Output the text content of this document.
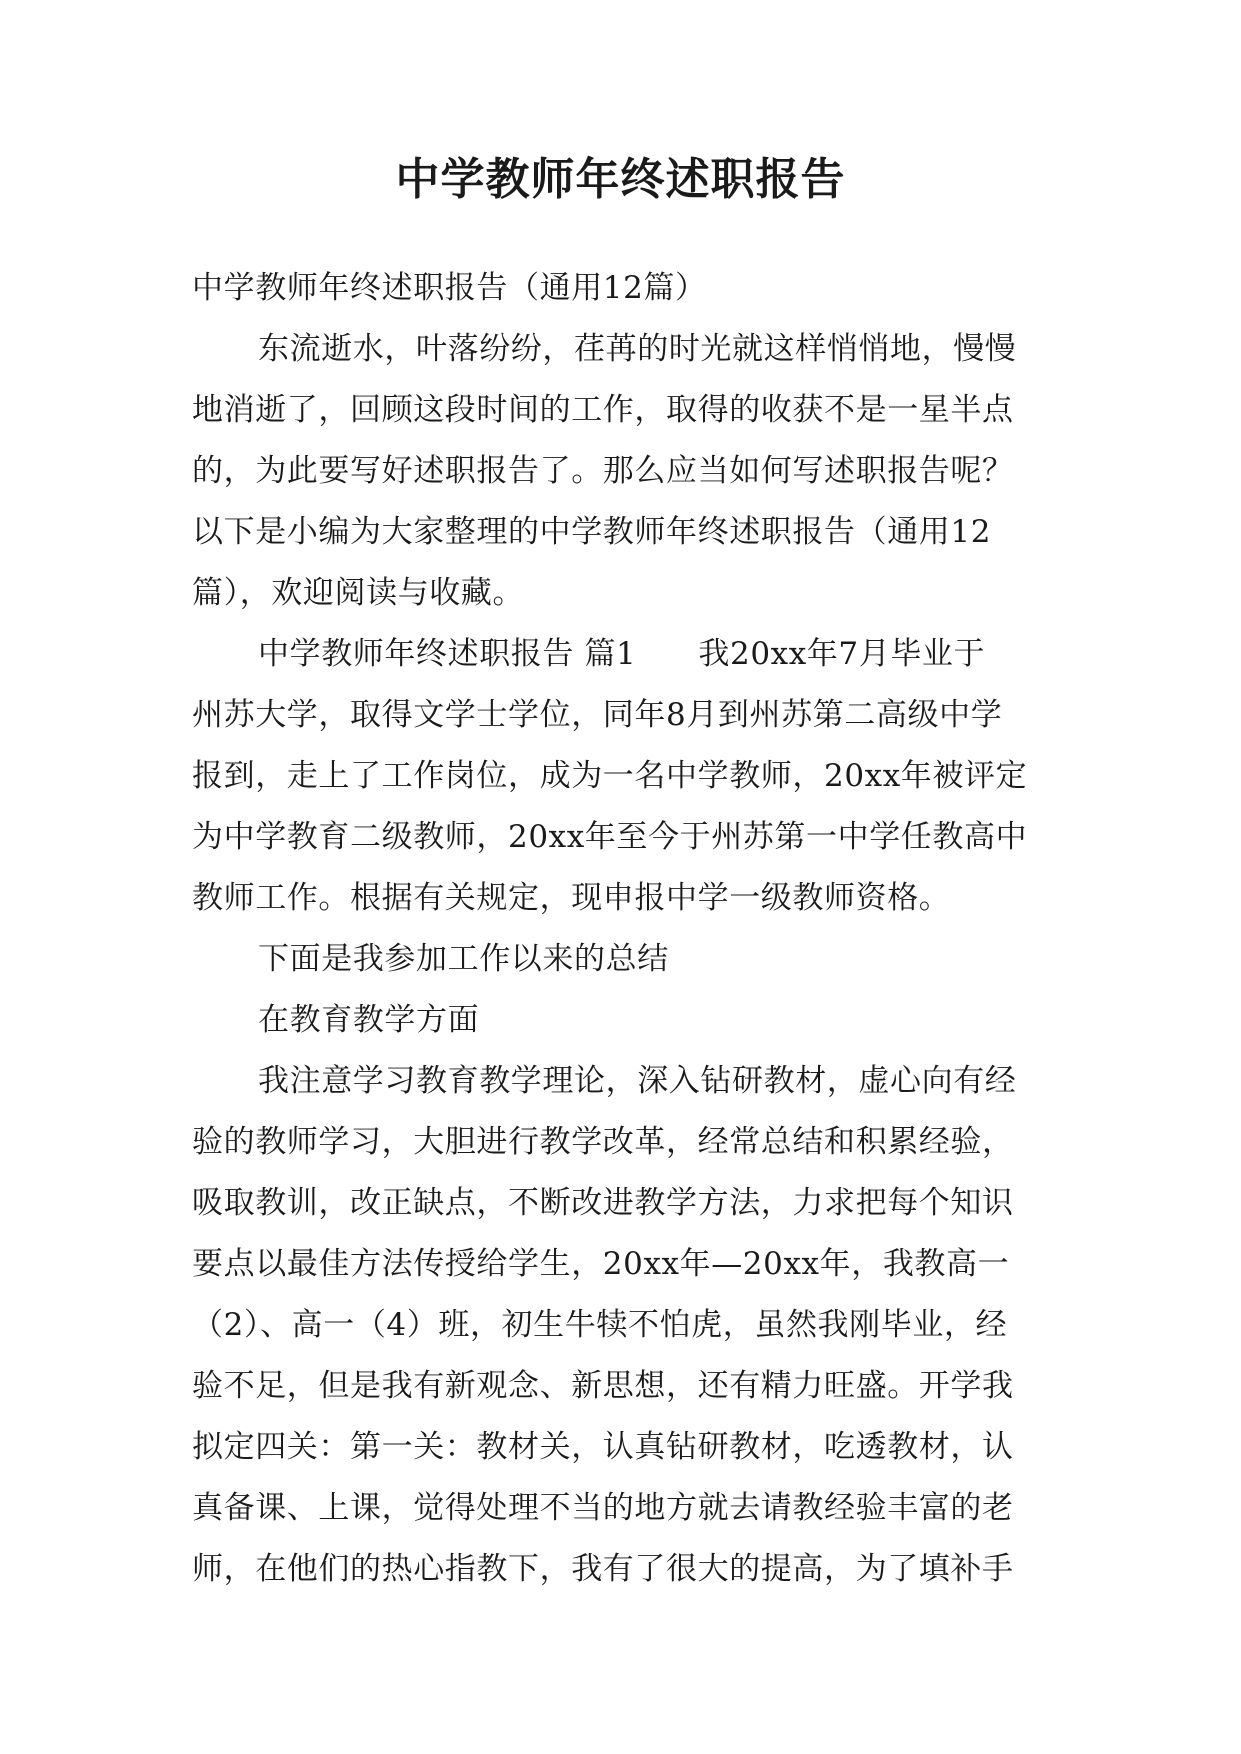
中学教师年终述职报告
中学教师年终述职报告（通用12篇）
东流逝水，叶落纷纷，荏苒的时光就这样悄悄地，慢慢
地消逝了，回顾这段时间的工作，取得的收获不是一星半点
的，为此要写好述职报告了。那么应当如何写述职报告呢？
以下是小编为大家整理的中学教师年终述职报告（通用12
篇），欢迎阅读与收藏。
中学教师年终述职报告 篇1 我20xx年7月毕业于
州苏大学，取得文学士学位，同年8月到州苏第二高级中学
报到，走上了工作岗位，成为一名中学教师，20xx年被评定
为中学教育二级教师，20xx年至今于州苏第一中学任教高中
教师工作。根据有关规定，现申报中学一级教师资格。
下面是我参加工作以来的总结
在教育教学方面
我注意学习教育教学理论，深入钻研教材，虚心向有经
验的教师学习，大胆进行教学改革，经常总结和积累经验，
吸取教训，改正缺点，不断改进教学方法，力求把每个知识
要点以最佳方法传授给学生，20xx年—20xx年，我教高一
（2）、高一（4）班，初生牛犊不怕虎，虽然我刚毕业，经
验不足，但是我有新观念、新思想，还有精力旺盛。开学我
拟定四关：第一关：教材关，认真钻研教材，吃透教材，认
真备课、上课，觉得处理不当的地方就去请教经验丰富的老
师，在他们的热心指教下，我有了很大的提高，为了填补手
